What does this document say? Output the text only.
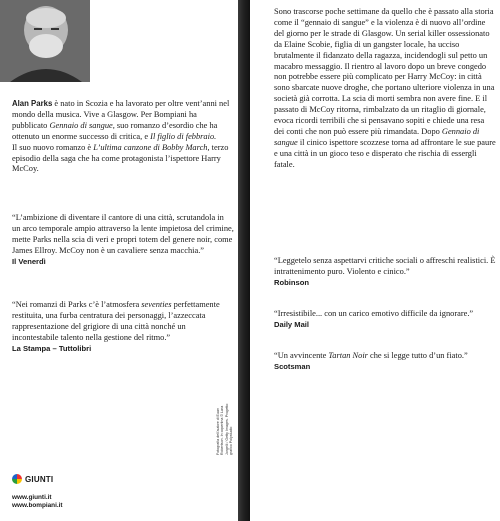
Alan Parks è nato in Scozia e ha lavorato per oltre vent’anni nel mondo della musica. Vive a Glasgow. Per Bompiani ha pubblicato Gennaio di sangue, suo romanzo d’esordio che ha ottenuto un enorme successo di critica, e Il figlio di febbraio.
Il suo nuovo romanzo è L’ultima canzone di Bobby March, terzo episodio della saga che ha come protagonista l’ispettore Harry McCoy.
“L’ambizione di diventare il cantore di una città, scrutandola in un arco temporale ampio attraverso la lente impietosa del crimine, mette Parks nella scia di veri e propri totem del genere noir, come James Ellroy. McCoy non è un cavaliere senza macchia.”
Il Venerdì
“Nei romanzi di Parks c’è l’atmosfera seventies perfettamente restituita, una furba centratura dei personaggi, l’azzeccata rappresentazione del grigiore di una città nonché un incontestabile talento nella gestione del ritmo.”
La Stampa – Tuttolibri
GIUNTI
www.giunti.it
www.bompiani.it
Fotografia dell’autore di Euan Robertson. In copertina © Lara Jorgelli / Getty Images. Progetto grafico Polystudio
Sono trascorse poche settimane da quello che è passato alla storia come il “gennaio di sangue” e la violenza è di nuovo all’ordine del giorno per le strade di Glasgow. Un serial killer ossessionato da Elaine Scobie, figlia di un gangster locale, ha ucciso brutalmente il fidanzato della ragazza, incidendogli sul petto un macabro messaggio. Il rientro al lavoro dopo un breve congedo non potrebbe essere più complicato per Harry McCoy: in città sono sbarcate nuove droghe, che portano ulteriore violenza in una società già corrotta. La scia di morti sembra non avere fine. E il passato di McCoy ritorna, rimbalzato da un ritaglio di giornale, evoca ricordi terribili che si pensavano sopiti e chiede una resa dei conti che non può essere più rimandata. Dopo Gennaio di sangue il cinico ispettore scozzese torna ad affrontare le sue paure e una città in un gioco teso e disperato che rischia di essergli fatale.
“Leggetelo senza aspettarvi critiche sociali o affreschi realistici. È intrattenimento puro. Violento e cinico.”
Robinson
“Irresistibile... con un carico emotivo difficile da ignorare.”
Daily Mail
“Un avvincente Tartan Noir che si legge tutto d’un fiato.”
Scotsman
